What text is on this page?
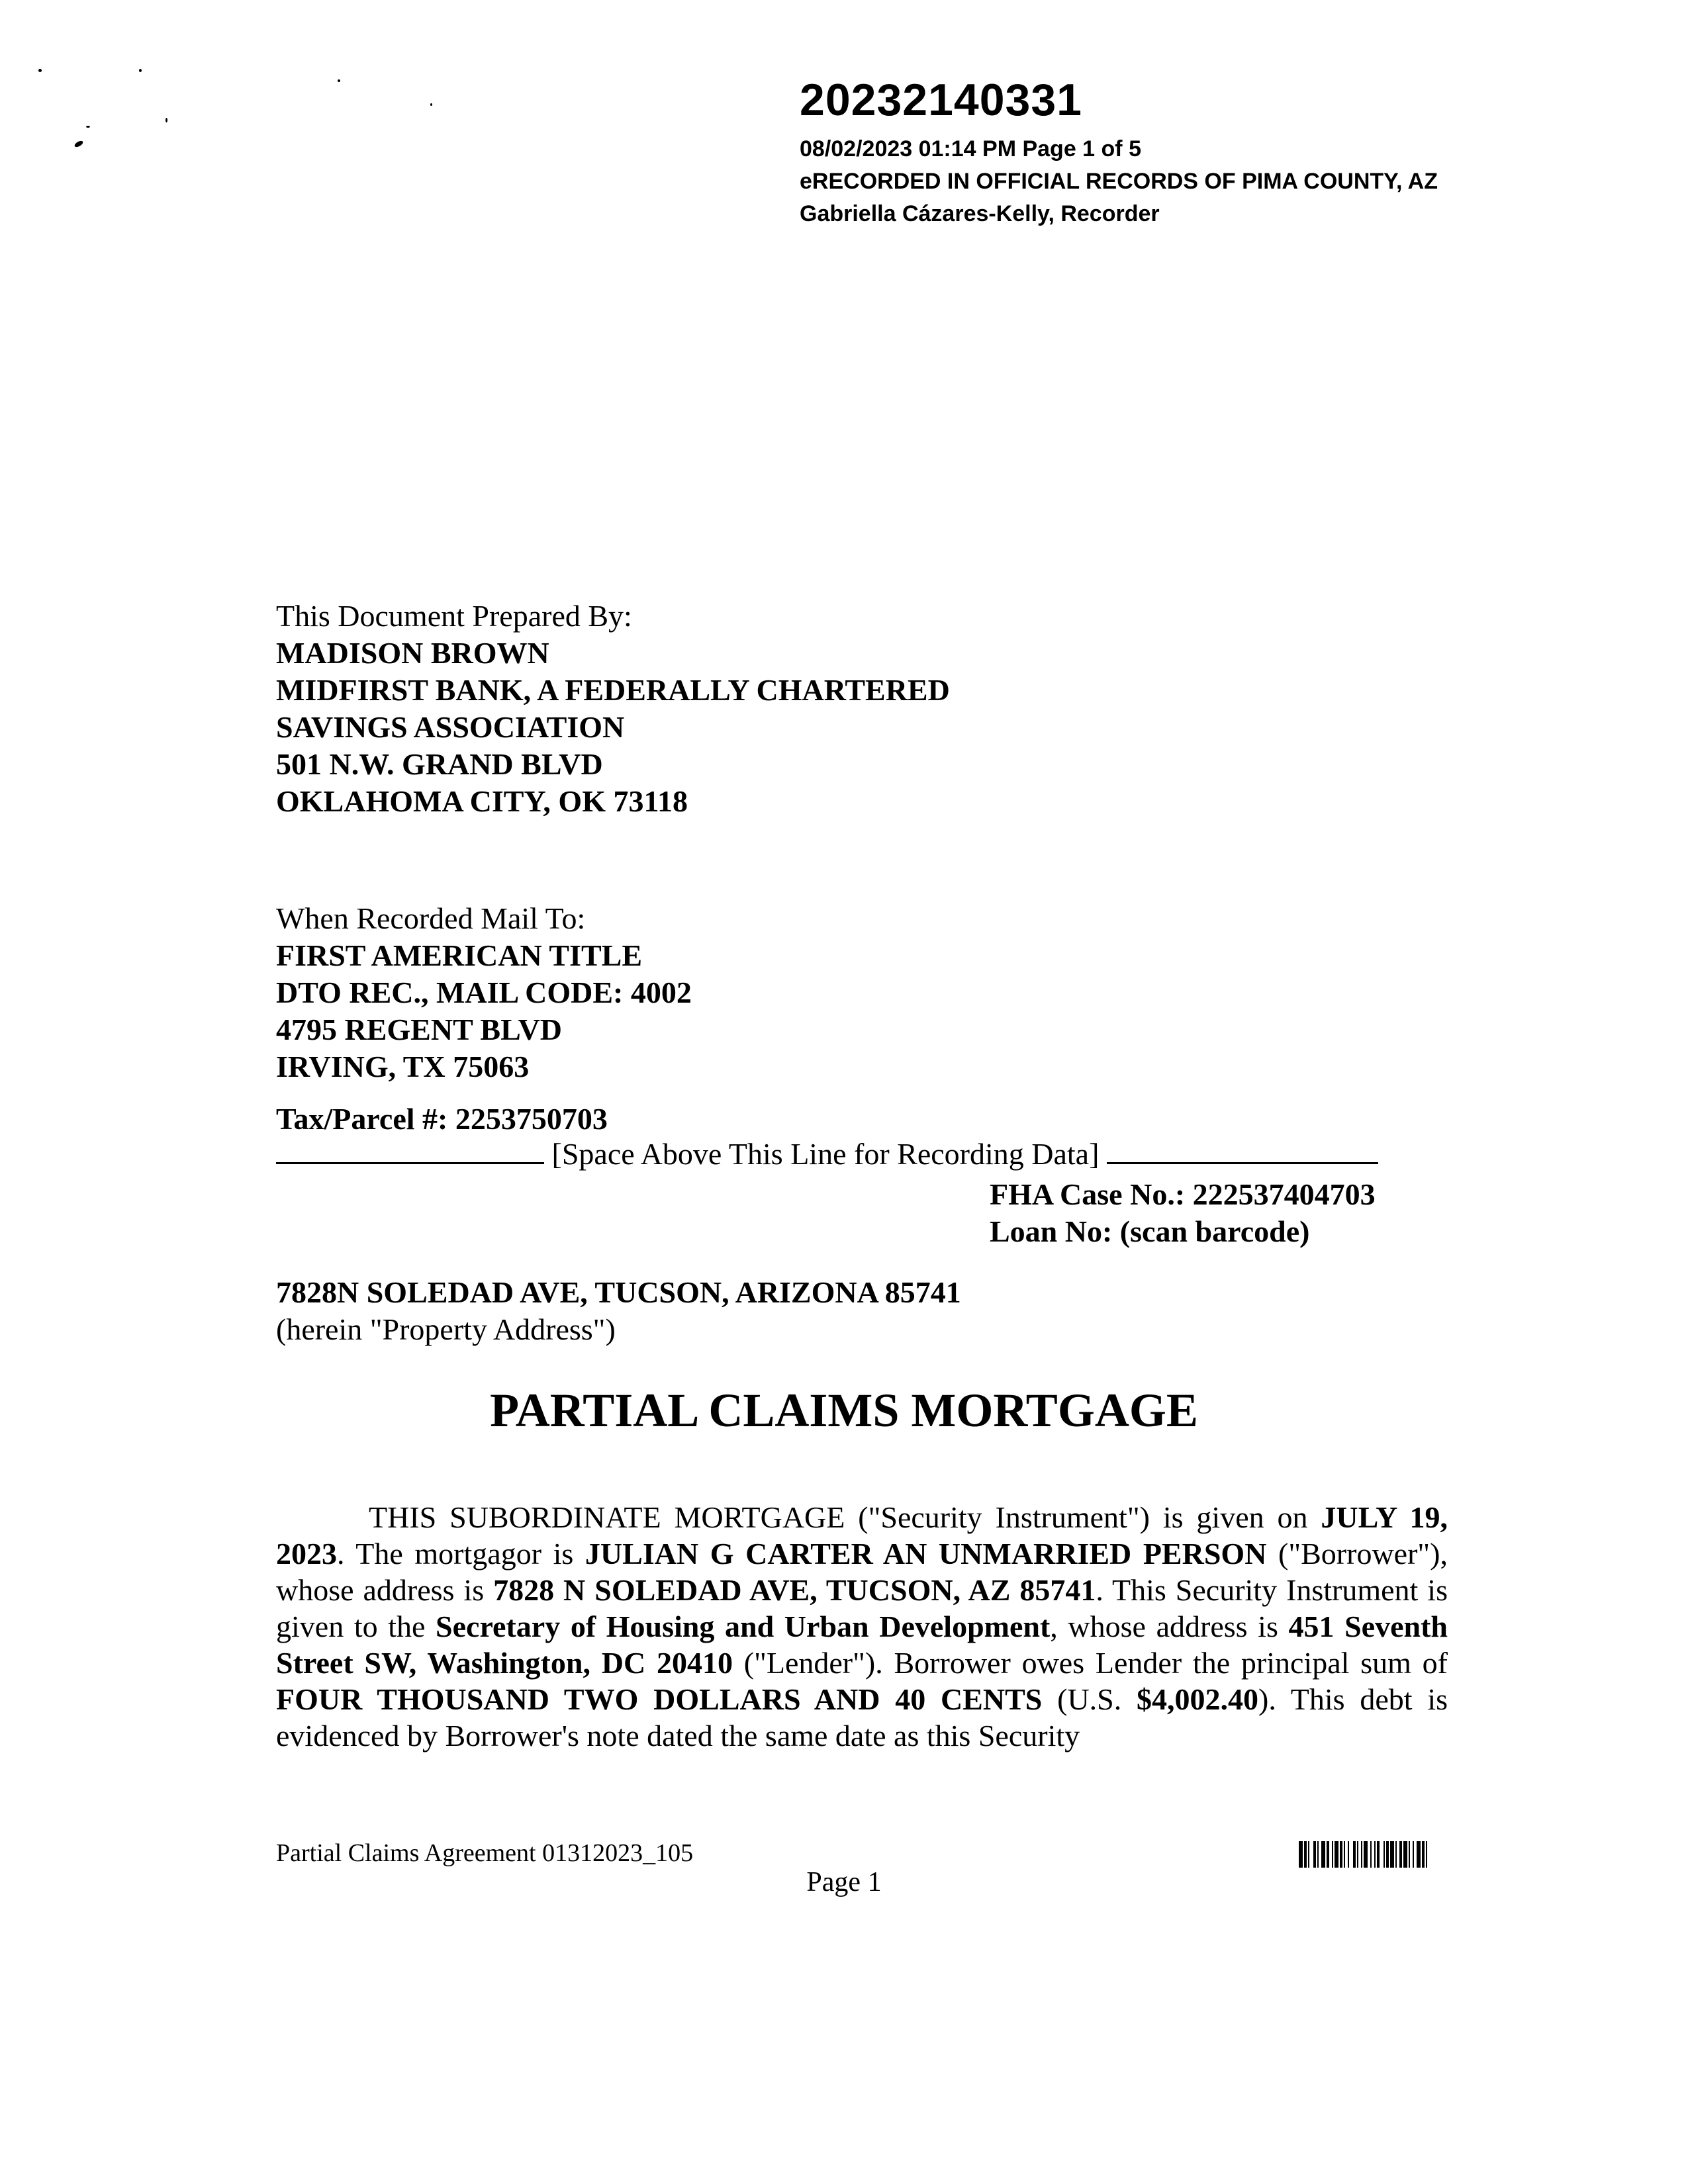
20232140331
08/02/2023 01:14 PM Page 1 of 5
eRECORDED IN OFFICIAL RECORDS OF PIMA COUNTY, AZ
Gabriella Cázares-Kelly, Recorder
This Document Prepared By:
MADISON BROWN
MIDFIRST BANK, A FEDERALLY CHARTERED
SAVINGS ASSOCIATION
501 N.W. GRAND BLVD
OKLAHOMA CITY, OK 73118
When Recorded Mail To:
FIRST AMERICAN TITLE
DTO REC., MAIL CODE: 4002
4795 REGENT BLVD
IRVING, TX 75063
Tax/Parcel #: 2253750703
[Space Above This Line for Recording Data]
FHA Case No.: 222537404703
Loan No: (scan barcode)
7828N SOLEDAD AVE, TUCSON, ARIZONA 85741
(herein "Property Address")
PARTIAL CLAIMS MORTGAGE
THIS SUBORDINATE MORTGAGE ("Security Instrument") is given on JULY 19, 2023. The mortgagor is JULIAN G CARTER AN UNMARRIED PERSON ("Borrower"), whose address is 7828 N SOLEDAD AVE, TUCSON, AZ 85741. This Security Instrument is given to the Secretary of Housing and Urban Development, whose address is 451 Seventh Street SW, Washington, DC 20410 ("Lender"). Borrower owes Lender the principal sum of FOUR THOUSAND TWO DOLLARS AND 40 CENTS (U.S. $4,002.40). This debt is evidenced by Borrower's note dated the same date as this Security
Partial Claims Agreement 01312023_105
Page 1
